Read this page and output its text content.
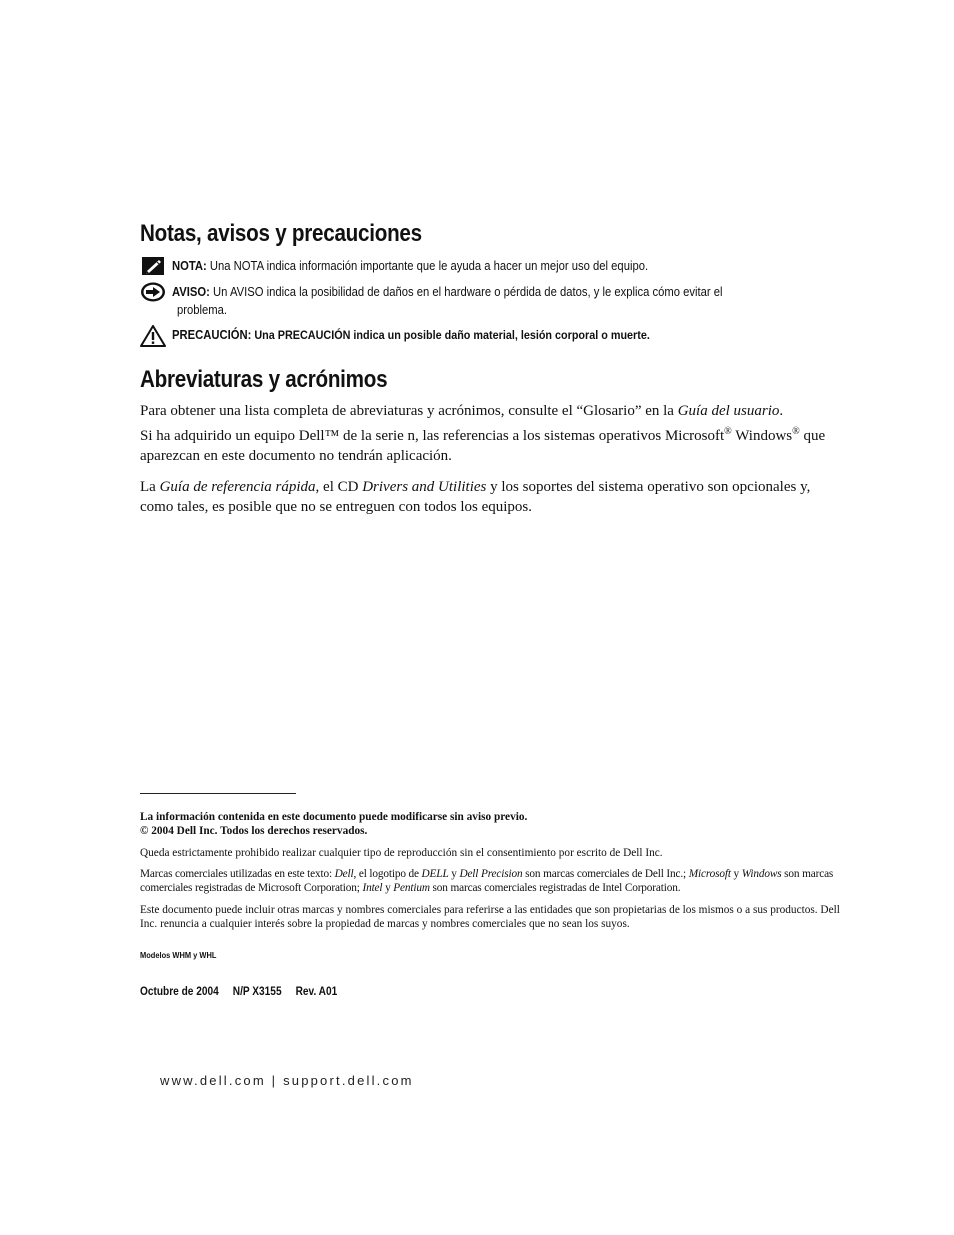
Notas, avisos y precauciones
NOTA: Una NOTA indica información importante que le ayuda a hacer un mejor uso del equipo.
AVISO: Un AVISO indica la posibilidad de daños en el hardware o pérdida de datos, y le explica cómo evitar el
problema.
PRECAUCIÓN: Una PRECAUCIÓN indica un posible daño material, lesión corporal o muerte.
Abreviaturas y acrónimos
Para obtener una lista completa de abreviaturas y acrónimos, consulte el “Glosario” en la Guía del usuario.
Si ha adquirido un equipo Dell™ de la serie n, las referencias a los sistemas operativos Microsoft® Windows® que aparezcan en este documento no tendrán aplicación.
La Guía de referencia rápida, el CD Drivers and Utilities y los soportes del sistema operativo son opcionales y, como tales, es posible que no se entreguen con todos los equipos.
La información contenida en este documento puede modificarse sin aviso previo.
© 2004 Dell Inc. Todos los derechos reservados.
Queda estrictamente prohibido realizar cualquier tipo de reproducción sin el consentimiento por escrito de Dell Inc.
Marcas comerciales utilizadas en este texto: Dell, el logotipo de DELL y Dell Precision son marcas comerciales de Dell Inc.; Microsoft y Windows son marcas comerciales registradas de Microsoft Corporation; Intel y Pentium son marcas comerciales registradas de Intel Corporation.
Este documento puede incluir otras marcas y nombres comerciales para referirse a las entidades que son propietarias de los mismos o a sus productos. Dell Inc. renuncia a cualquier interés sobre la propiedad de marcas y nombres comerciales que no sean los suyos.
Modelos WHM y WHL
Octubre de 2004     N/P X3155     Rev. A01
www.dell.com | support.dell.com
